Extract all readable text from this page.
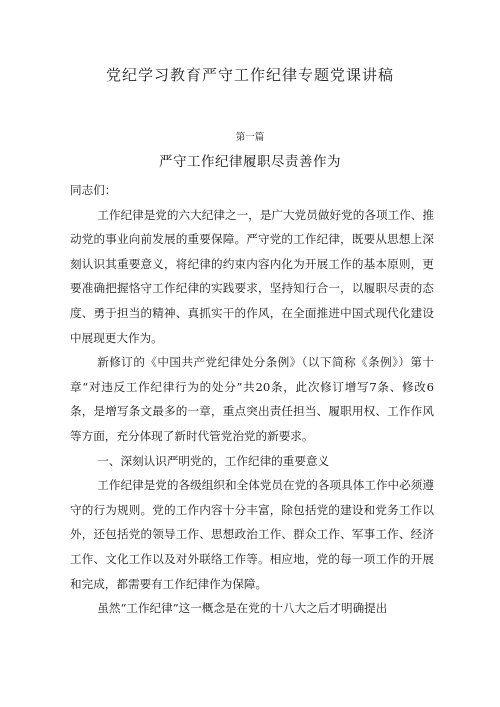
党纪学习教育严守工作纪律专题党课讲稿
第一篇
严守工作纪律履职尽责善作为

同志们：

工作纪律是党的六大纪律之一，是广大党员做好党的各项工作、推动党的事业向前发展的重要保障。严守党的工作纪律，既要从思想上深刻认识其重要意义，将纪律的约束内容内化为开展工作的基本原则，更要准确把握恪守工作纪律的实践要求，坚持知行合一，以履职尽责的态度、勇于担当的精神、真抓实干的作风，在全面推进中国式现代化建设中展现更大作为。

新修订的《中国共产党纪律处分条例》（以下简称《条例》）第十章“对违反工作纪律行为的处分”共20条，此次修订增写7条、修改6条，是增写条文最多的一章，重点突出责任担当、履职用权、工作作风等方面，充分体现了新时代管党治党的新要求。

一、深刻认识严明党的，工作纪律的重要意义

工作纪律是党的各级组织和全体党员在党的各项具体工作中必须遵守的行为规则。党的工作内容十分丰富，除包括党的建设和党务工作以外，还包括党的领导工作、思想政治工作、群众工作、军事工作、经济工作、文化工作以及对外联络工作等。相应地，党的每一项工作的开展和完成，都需要有工作纪律作为保障。

虽然“工作纪律”这一概念是在党的十八大之后才明确提出
